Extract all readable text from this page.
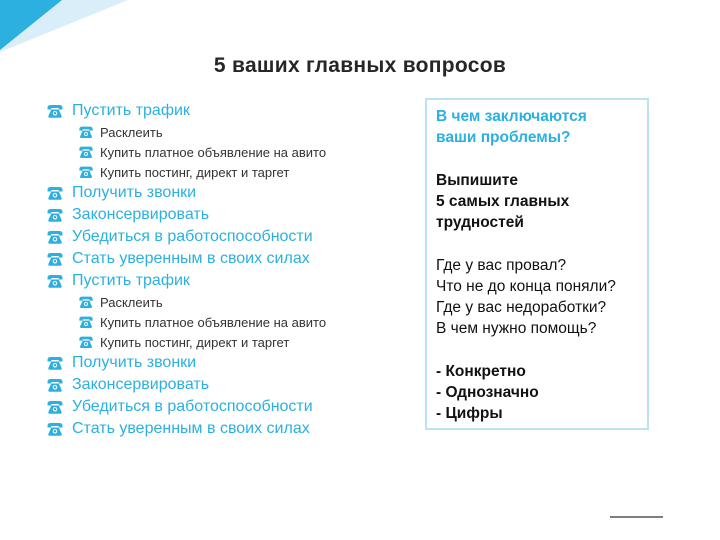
5 ваших главных вопросов
Пустить трафик
Расклеить
Купить платное объявление на авито
Купить постинг, директ и таргет
Получить звонки
Законсервировать
Убедиться в работоспособности
Стать уверенным в своих силах
Пустить трафик
Расклеить
Купить платное объявление на авито
Купить постинг, директ и таргет
Получить звонки
Законсервировать
Убедиться в работоспособности
Стать уверенным в своих силах
В чем заключаются
ваши проблемы?
Выпишите
5 самых главных
трудностей
Где у вас провал?
Что не до конца поняли?
Где у вас недоработки?
В чем нужно помощь?
- Конкретно
- Однозначно
- Цифры
